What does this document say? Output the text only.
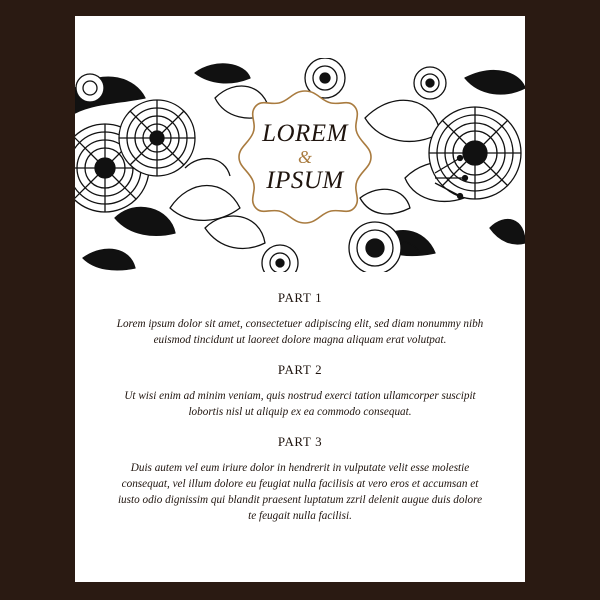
LOREM
&
IPSUM
PART 1
Lorem ipsum dolor sit amet, consectetuer adipiscing elit, sed diam nonummy nibh euismod tincidunt ut laoreet dolore magna aliquam erat volutpat.
PART 2
Ut wisi enim ad minim veniam, quis nostrud exerci tation ullamcorper suscipit lobortis nisl ut aliquip ex ea commodo consequat.
PART 3
Duis autem vel eum iriure dolor in hendrerit in vulputate velit esse molestie consequat, vel illum dolore eu feugiat nulla facilisis at vero eros et accumsan et iusto odio dignissim qui blandit praesent luptatum zzril delenit augue duis dolore te feugait nulla facilisi.
